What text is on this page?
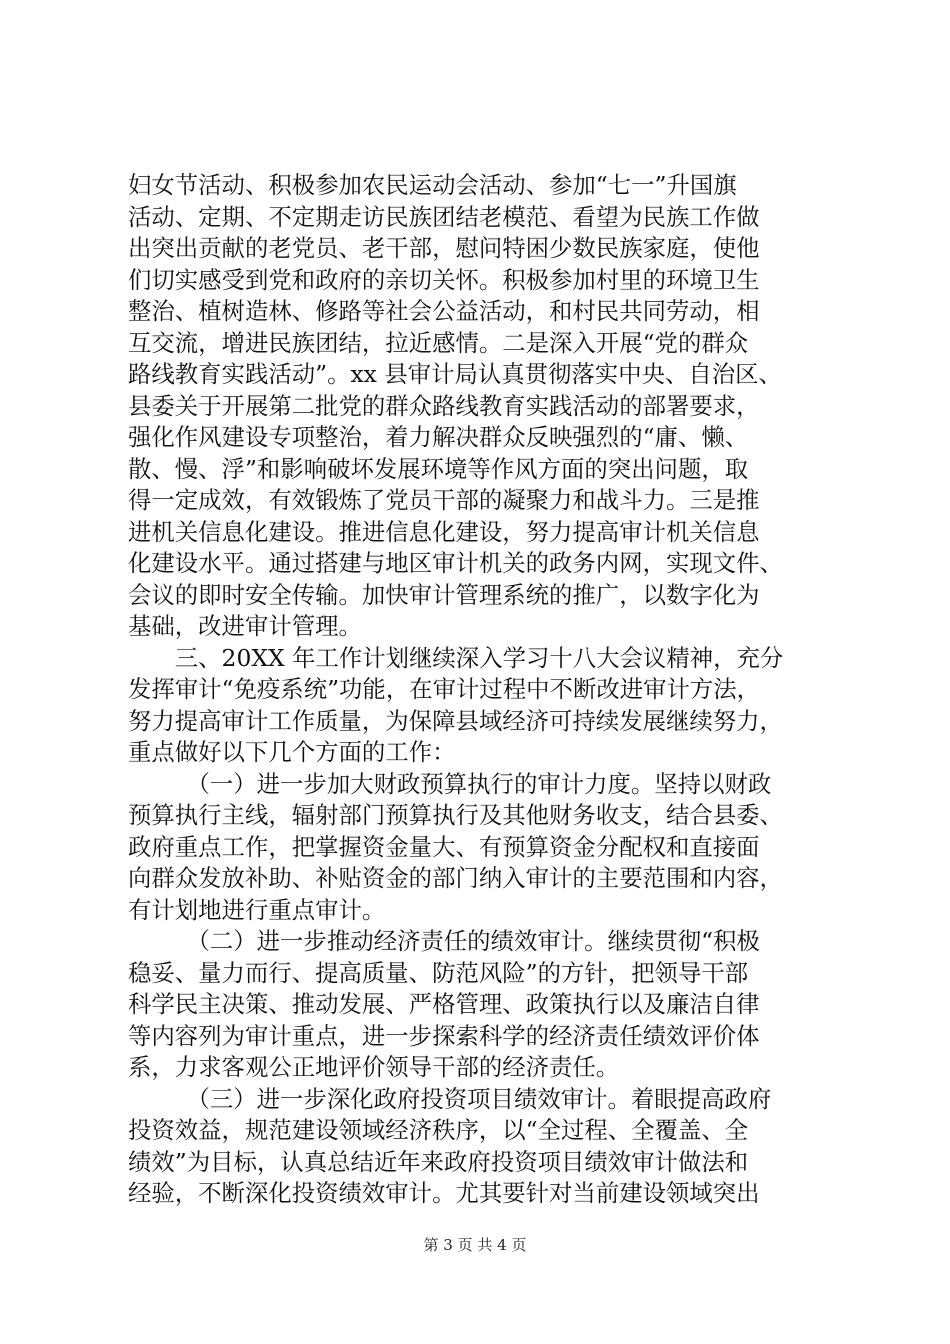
妇女节活动、积极参加农民运动会活动、参加“七一”升国旗
活动、定期、不定期走访民族团结老模范、看望为民族工作做
出突出贡献的老党员、老干部，慰问特困少数民族家庭，使他
们切实感受到党和政府的亲切关怀。积极参加村里的环境卫生
整治、植树造林、修路等社会公益活动，和村民共同劳动，相
互交流，增进民族团结，拉近感情。二是深入开展“党的群众
路线教育实践活动”。xx 县审计局认真贯彻落实中央、自治区、
县委关于开展第二批党的群众路线教育实践活动的部署要求，
强化作风建设专项整治，着力解决群众反映强烈的“庸、懒、
散、慢、浮”和影响破坏发展环境等作风方面的突出问题，取
得一定成效，有效锻炼了党员干部的凝聚力和战斗力。三是推
进机关信息化建设。推进信息化建设，努力提高审计机关信息
化建设水平。通过搭建与地区审计机关的政务内网，实现文件、
会议的即时安全传输。加快审计管理系统的推广，以数字化为
基础，改进审计管理。
　　三、20XX 年工作计划继续深入学习十八大会议精神，充分
发挥审计“免疫系统”功能，在审计过程中不断改进审计方法，
努力提高审计工作质量，为保障县域经济可持续发展继续努力，
重点做好以下几个方面的工作：
　　　（一）进一步加大财政预算执行的审计力度。坚持以财政
预算执行主线，辐射部门预算执行及其他财务收支，结合县委、
政府重点工作，把掌握资金量大、有预算资金分配权和直接面
向群众发放补助、补贴资金的部门纳入审计的主要范围和内容，
有计划地进行重点审计。
　　　（二）进一步推动经济责任的绩效审计。继续贯彻“积极
稳妥、量力而行、提高质量、防范风险”的方针，把领导干部
科学民主决策、推动发展、严格管理、政策执行以及廉洁自律
等内容列为审计重点，进一步探索科学的经济责任绩效评价体
系，力求客观公正地评价领导干部的经济责任。
　　　（三）进一步深化政府投资项目绩效审计。着眼提高政府
投资效益，规范建设领域经济秩序，以“全过程、全覆盖、全
绩效”为目标，认真总结近年来政府投资项目绩效审计做法和
经验，不断深化投资绩效审计。尤其要针对当前建设领域突出
第 3 页 共 4 页
